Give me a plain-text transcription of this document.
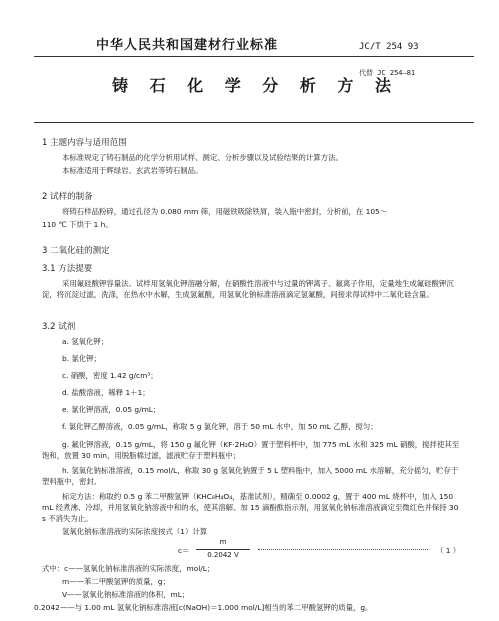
中华人民共和国建材行业标准	JC/T 254 93
铸 石 化 学 分 析 方 法
代替 JC 254—81
1 主题内容与适用范围
本标准规定了铸石制品的化学分析用试样、测定、分析步骤以及试验结果的计算方法。
本标准适用于辉绿岩、玄武岩等铸石制品。
2 试样的制备
将铸石样品粉碎，通过孔径为 0.080 mm 筛，用磁铁吸除铁屑，装入瓶中密封，分析前，在 105～
110 ℃ 下烘干 1 h。
3 二氧化硅的测定
3.1 方法提要
采用氟硅酸钾容量法。试样用氢氧化钾溶融分解，在硝酸性溶液中与过量的钾离子、氟离子作用，定量地生成氟硅酸钾沉淀，将沉淀过滤，洗涤，在热水中水解，生成氢氟酸，用氢氧化钠标准溶液滴定氢氟酸，间接求得试样中二氧化硅含量。
3.2 试剂
a. 氢氧化钾；
b. 氯化钾；
c. 硝酸，密度 1.42 g/cm³；
d. 盐酸溶液，稀释 1＋1；
e. 氯化钾溶液，0.05 g/mL；
f. 氯化钾乙醇溶液，0.05 g/mL，称取 5 g 氯化钾，溶于 50 mL 水中，加 50 mL 乙醇，搅匀；
g. 氟化钾溶液，0.15 g/mL，将 150 g 氟化钾（KF·2H₂O）置于塑料杯中，加 775 mL 水和 325 mL 硝酸，搅拌使其至饱和，放置 30 min，用脱脂棉过滤，滤液贮存于塑料瓶中；
h. 氢氧化钠标准溶液，0.15 mol/L，称取 30 g 氢氧化钠置于 5 L 塑料瓶中，加入 5000 mL 水溶解，充分摇匀，贮存于塑料瓶中，密封。
标定方法：称取约 0.5 g 苯二甲酸氢钾（KHC₈H₄O₄，基准试剂），精确至 0.0002 g，置于 400 mL 烧杯中，加入 150 mL 经煮沸、冷却，并用氢氧化钠溶液中和的水，使其溶解。加 15 滴酚酞指示剂，用氢氧化钠标准溶液滴定至微红色并保持 30 s 不消失为止。
氢氧化钠标准溶液的实际浓度按式（1）计算
c＝
m
0.2042 V	（ 1 ）
式中：c——氢氧化钠标准溶液的实际浓度，mol/L；
m——苯二甲酸氢钾的质量，g；
V——氢氧化钠标准溶液的体积，mL；
0.2042——与 1.00 mL 氢氧化钠标准溶液[c(NaOH)＝1.000 mol/L]相当的苯二甲酸氢钾的质量，g。
